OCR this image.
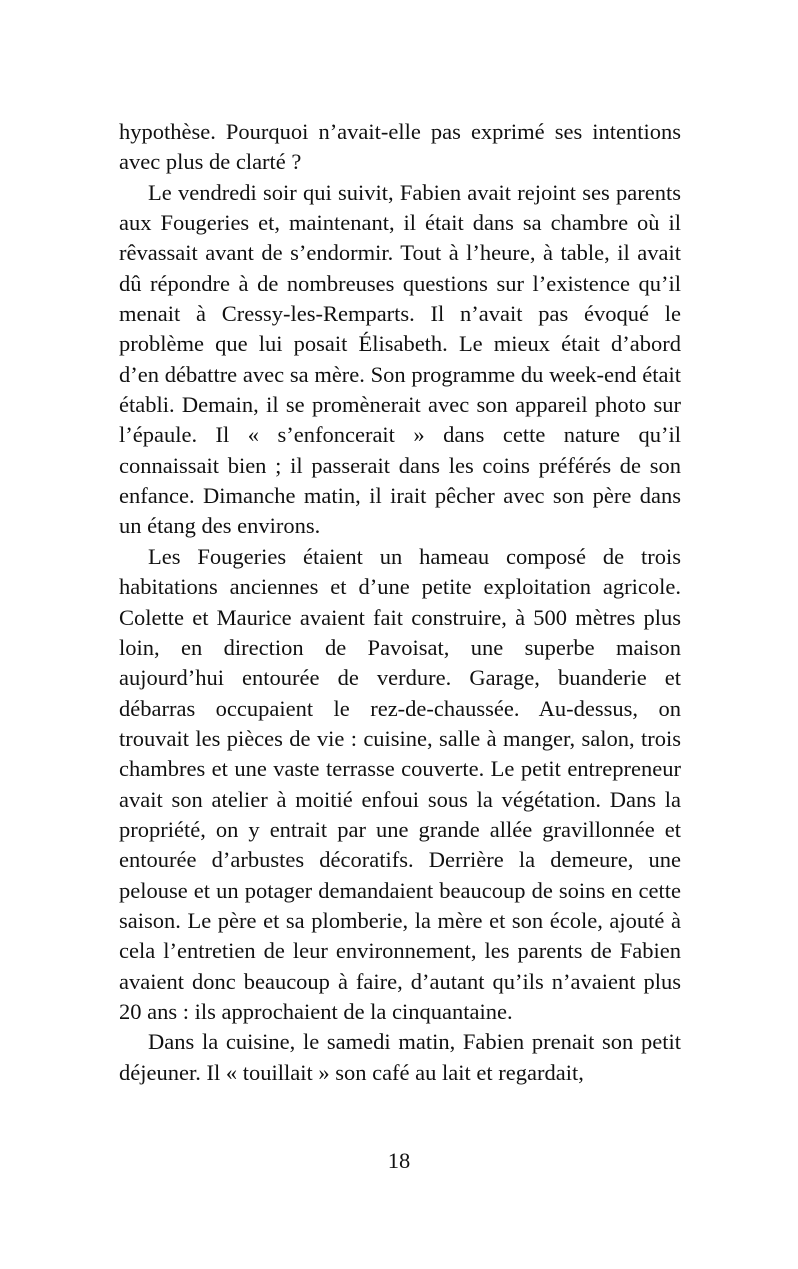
hypothèse. Pourquoi n’avait-elle pas exprimé ses intentions avec plus de clarté ?

Le vendredi soir qui suivit, Fabien avait rejoint ses parents aux Fougeries et, maintenant, il était dans sa chambre où il rêvassait avant de s’endormir. Tout à l’heure, à table, il avait dû répondre à de nombreuses questions sur l’existence qu’il menait à Cressy-les-Remparts. Il n’avait pas évoqué le problème que lui posait Élisabeth. Le mieux était d’abord d’en débattre avec sa mère. Son programme du week-end était établi. Demain, il se promènerait avec son appareil photo sur l’épaule. Il « s’enfoncerait » dans cette nature qu’il connaissait bien ; il passerait dans les coins préférés de son enfance. Dimanche matin, il irait pêcher avec son père dans un étang des environs.

Les Fougeries étaient un hameau composé de trois habitations anciennes et d’une petite exploitation agricole. Colette et Maurice avaient fait construire, à 500 mètres plus loin, en direction de Pavoisat, une superbe maison aujourd’hui entourée de verdure. Garage, buanderie et débarras occupaient le rez-de-chaussée. Au-dessus, on trouvait les pièces de vie : cuisine, salle à manger, salon, trois chambres et une vaste terrasse couverte. Le petit entrepreneur avait son atelier à moitié enfoui sous la végétation. Dans la propriété, on y entrait par une grande allée gravillonnée et entourée d’arbustes décoratifs. Derrière la demeure, une pelouse et un potager demandaient beaucoup de soins en cette saison. Le père et sa plomberie, la mère et son école, ajouté à cela l’entretien de leur environnement, les parents de Fabien avaient donc beaucoup à faire, d’autant qu’ils n’avaient plus 20 ans : ils approchaient de la cinquantaine.

Dans la cuisine, le samedi matin, Fabien prenait son petit déjeuner. Il « touillait » son café au lait et regardait,

18
